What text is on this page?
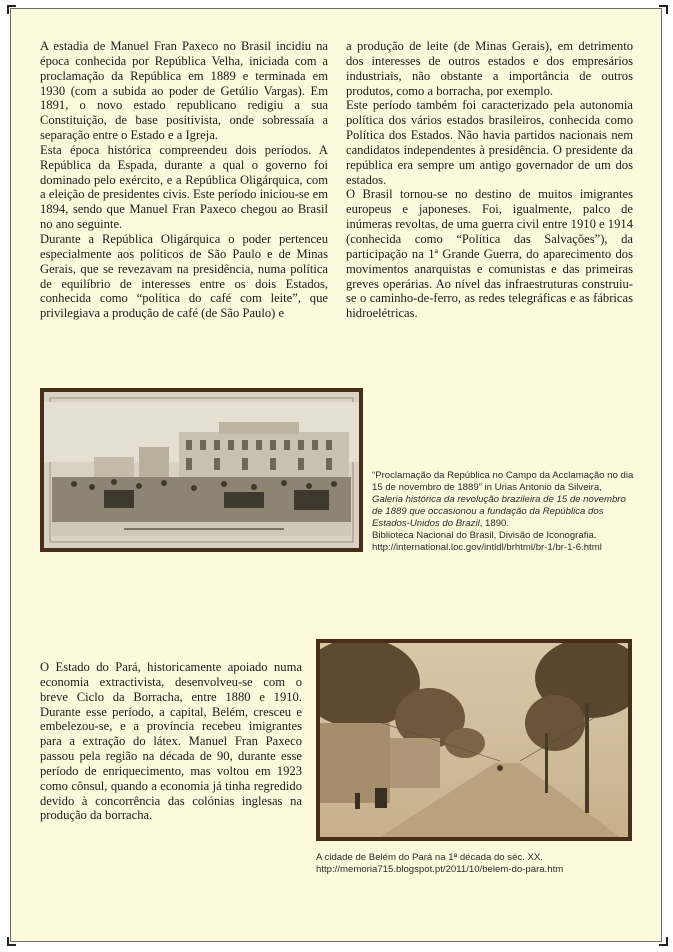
A estadia de Manuel Fran Paxeco no Brasil incidiu na época conhecida por República Velha, iniciada com a proclamação da República em 1889 e terminada em 1930 (com a subida ao poder de Getúlio Vargas). Em 1891, o novo estado republicano redigiu a sua Constituição, de base positivista, onde sobressaía a separação entre o Estado e a Igreja.

Esta época histórica compreendeu dois períodos. A República da Espada, durante a qual o governo foi dominado pelo exército, e a República Oligárquica, com a eleição de presidentes civis. Este período iniciou-se em 1894, sendo que Manuel Fran Paxeco chegou ao Brasil no ano seguinte.

Durante a República Oligárquica o poder pertenceu especialmente aos políticos de São Paulo e de Minas Gerais, que se revezavam na presidência, numa política de equilíbrio de interesses entre os dois Estados, conhecida como “política do café com leite”, que privilegiava a produção de café (de São Paulo) e

a produção de leite (de Minas Gerais), em detrimento dos interesses de outros estados e dos empresários industriais, não obstante a importância de outros produtos, como a borracha, por exemplo.

Este período também foi caracterizado pela autonomia política dos vários estados brasileiros, conhecida como Política dos Estados. Não havia partidos nacionais nem candidatos independentes à presidência. O presidente da república era sempre um antigo governador de um dos estados.

O Brasil tornou-se no destino de muitos imigrantes europeus e japoneses. Foi, igualmente, palco de inúmeras revoltas, de uma guerra civil entre 1910 e 1914 (conhecida como “Política das Salvações”), da participação na 1ª Grande Guerra, do aparecimento dos movimentos anarquistas e comunistas e das primeiras greves operárias. Ao nível das infraestruturas construiu-se o caminho-de-ferro, as redes telegráficas e as fábricas hidroelétricas.

“Proclamação da República no Campo da Acclamação no dia 15 de novembro de 1889” in Urias Antonio da Silveira, Galeria histórica da revolução brazileira de 15 de novembro de 1889 que occasionou a fundação da República dos Estados-Unidos do Brazil, 1890.
Biblioteca Nacional do Brasil, Divisão de Iconografia.
http://international.loc.gov/intldl/brhtml/br-1/br-1-6.html

O Estado do Pará, historicamente apoiado numa economia extractivista, desenvolveu-se com o breve Ciclo da Borracha, entre 1880 e 1910. Durante esse período, a capital, Belém, cresceu e embelezou-se, e a província recebeu imigrantes para a extração do látex. Manuel Fran Paxeco passou pela região na década de 90, durante esse período de enriquecimento, mas voltou em 1923 como cônsul, quando a economia já tinha regredido devido à concorrência das colónias inglesas na produção da borracha.

A cidade de Belém do Pará na 1ª década do séc. XX.
http://memoria715.blogspot.pt/2011/10/belem-do-para.htm
